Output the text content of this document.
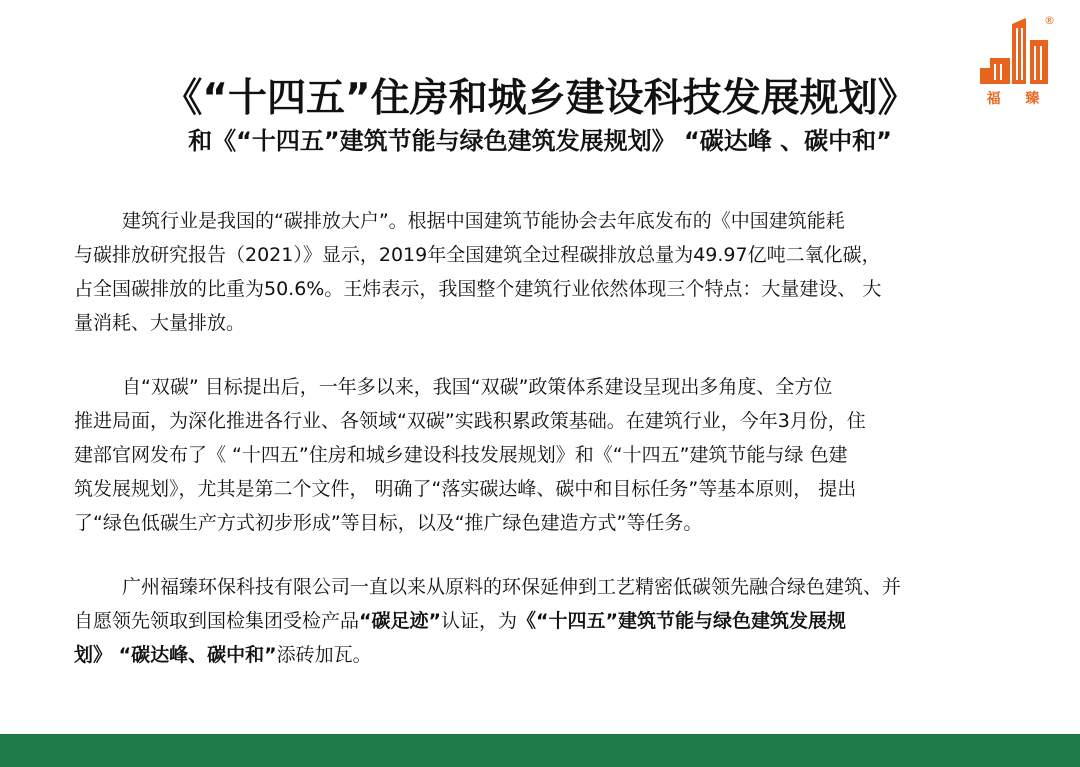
®
福 臻
《“十四五”住房和城乡建设科技发展规划》
和《“十四五”建筑节能与绿色建筑发展规划》 “碳达峰 、碳中和”
建筑行业是我国的“碳排放大户”。根据中国建筑节能协会去年底发布的《中国建筑能耗
与碳排放研究报告（2021）》显示，2019年全国建筑全过程碳排放总量为49.97亿吨二氧化碳，
占全国碳排放的比重为50.6%。王炜表示，我国整个建筑行业依然体现三个特点：大量建设、 大
量消耗、大量排放。
自“双碳” 目标提出后，一年多以来，我国“双碳”政策体系建设呈现出多角度、全方位
推进局面，为深化推进各行业、各领域“双碳”实践积累政策基础。在建筑行业，今年3月份，住
建部官网发布了《 “十四五”住房和城乡建设科技发展规划》和《“十四五”建筑节能与绿 色建
筑发展规划》，尤其是第二个文件， 明确了“落实碳达峰、碳中和目标任务”等基本原则， 提出
了“绿色低碳生产方式初步形成”等目标，以及“推广绿色建造方式”等任务。
广州福臻环保科技有限公司一直以来从原料的环保延伸到工艺精密低碳领先融合绿色建筑、并
自愿领先领取到国检集团受检产品“碳足迹”认证，为《“十四五”建筑节能与绿色建筑发展规
划》 “碳达峰、碳中和”添砖加瓦。
